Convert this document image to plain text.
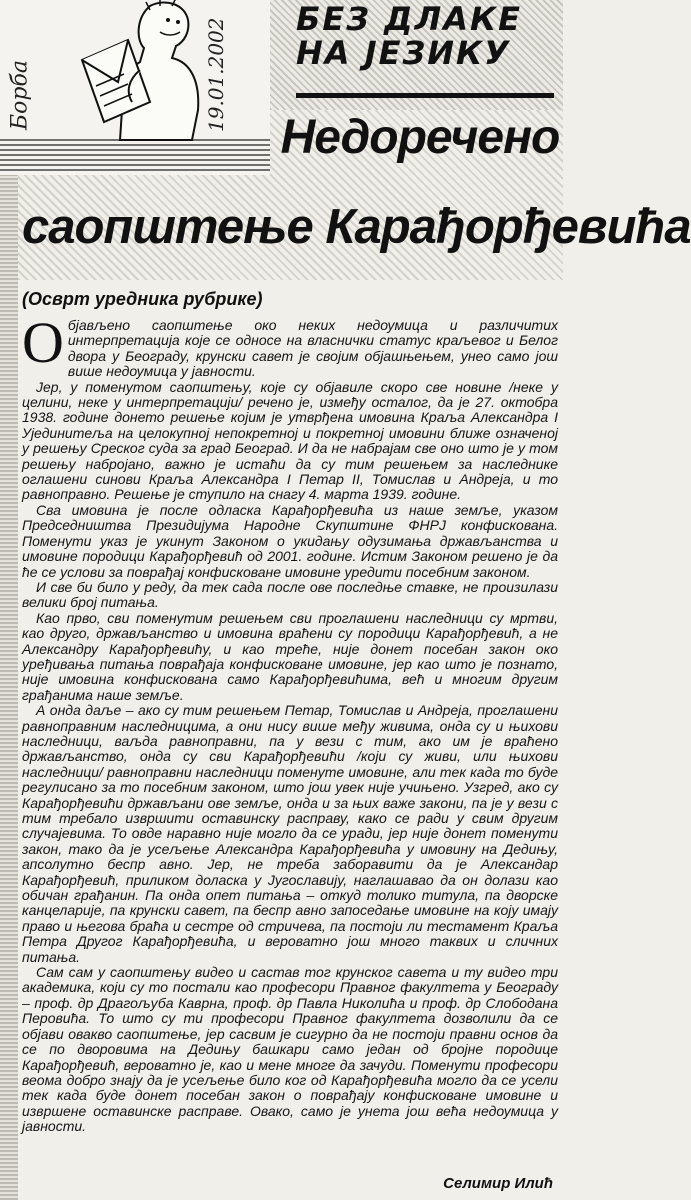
Борба	19.01.2002 БЕЗ ДЛАКЕ
НА ЈЕЗИКУ
Недоречено
саопштење Карађорђевића
(Осврт уредника рубрике)

Објављено саопштење око неких недоумица и различитих интерпретација које се односе на власнички статус краљевог и Белог двора у Београду, крунски савет је својим објашњењем, унео само још више недоумица у јавности.

Јер, у поменутом саопштењу, које су објавиле скоро све новине /неке у целини, неке у интерпретацији/ речено је, између осталог, да је 27. октобра 1938. године донето решење којим је утврђена имовина Краља Александра I Ујединитеља на целокупној непокретној и покретној имовини ближе означеној у решењу Среског суда за град Београд. И да не набрајам све оно што је у том решењу набројано, важно је истаћи да су тим решењем за наследнике оглашени синови Краља Александра I Петар II, Томислав и Андреја, и то равноправно. Решење је ступило на снагу 4. марта 1939. године.

Сва имовина је после одласка Карађорђевића из наше земље, указом Председништва Президијума Народне Скупштине ФНРЈ конфискована. Поменути указ је укинут Законом о укидању одузимања држављанства и имовине породици Карађорђевић од 2001. године. Истим Законом решено је да ће се услови за поврађај конфисковане имовине уредити посебним законом.

И све би било у реду, да тек сада после ове последње ставке, не произилази велики број питања.

Као прво, сви поменутим решењем сви проглашени наследници су мртви, као друго, држављанство и имовина враћени су породици Карађорђевић, а не Александру Карађорђевићу, и као треће, није донет посебан закон око уређивања питања поврађаја конфисковане имовине, јер као што је познато, није имовина конфискована само Карађорђевићима, већ и многим другим грађанима наше земље.

А онда даље – ако су тим решењем Петар, Томислав и Андреја, проглашени равноправним наследницима, а они нису више међу живима, онда су и њихови наследници, ваљда равноправни, па у вези с тим, ако им је враћено држављанство, онда су сви Карађорђевићи /који су живи, или њихови наследници/ равноправни наследници поменуте имовине, али тек када то буде регулисано за то посебним законом, што још увек није учињено. Узгред, ако су Карађорђевићи држављани ове земље, онда и за њих важе закони, па је у вези с тим требало извршити оставинску расправу, како се ради у свим другим случајевима. То овде наравно није могло да се уради, јер није донет поменути закон, тако да је усељење Александра Карађорђевића у имовину на Дедињу, апсолутно беспр авно. Јер, не треба заборавити да је Александар Карађорђевић, приликом доласка у Југославију, наглашавао да он долази као обичан грађанин. Па онда опет питања – откуд толико титула, па дворске канцеларије, па крунски савет, па беспр авно запоседање имовине на коју имају право и његова браћа и сестре од стричева, па постоји ли тестамент Краља Петра Другог Карађорђевића, и вероватно још много таквих и сличних питања.

Сам сам у саопштењу видео и састав тог крунског савета и ту видео три академика, који су то постали као професори Правног факултета у Београду – проф. др Драгољуба Каврна, проф. др Павла Николића и проф. др Слободана Перовића. То што су ти професори Правног факултета дозволили да се објави овакво саопштење, јер сасвим је сигурно да не постоји правни основ да се по дворовима на Дедињу башкари само један од бројне породице Карађорђевић, вероватно је, као и мене многе да зачуди. Поменути професори веома добро знају да је усељење било ког од Карађорђевића могло да се усели тек када буде донет посебан закон о поврађају конфисковане имовине и извршене оставинске расправе. Овако, само је унета још већа недоумица у јавности.

Селимир Илић
